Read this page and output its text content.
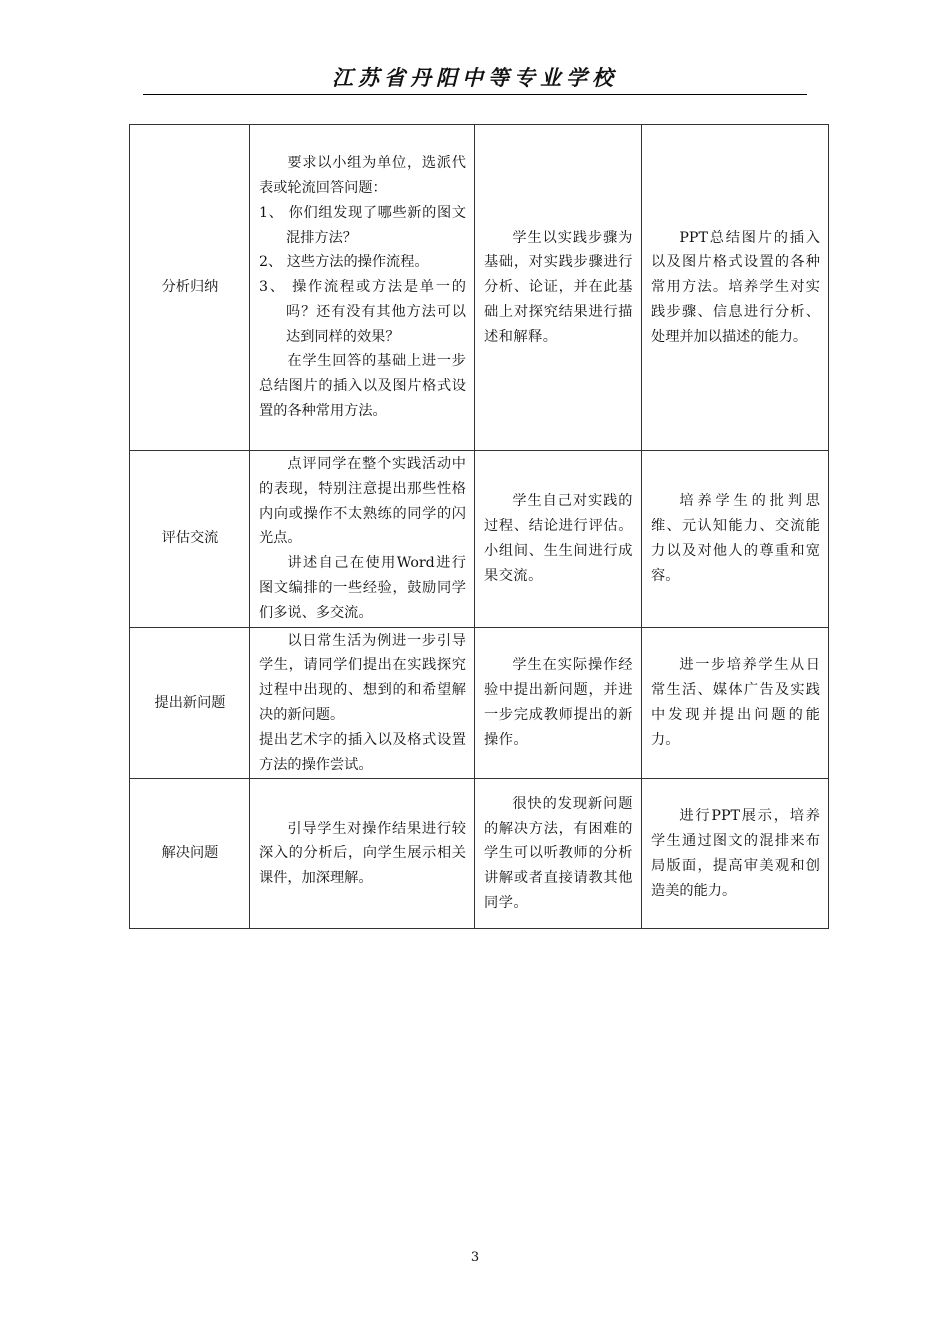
江苏省丹阳中等专业学校
分析归纳	要求以小组为单位，选派代表或轮流回答问题：

1、 你们组发现了哪些新的图文混排方法？

2、 这些方法的操作流程。

3、 操作流程或方法是单一的吗？还有没有其他方法可以达到同样的效果？

在学生回答的基础上进一步总结图片的插入以及图片格式设置的各种常用方法。	学生以实践步骤为基础，对实践步骤进行分析、论证，并在此基础上对探究结果进行描述和解释。	PPT总结图片的插入以及图片格式设置的各种常用方法。培养学生对实践步骤、信息进行分析、处理并加以描述的能力。

评估交流	点评同学在整个实践活动中的表现，特别注意提出那些性格内向或操作不太熟练的同学的闪光点。

讲述自己在使用Word进行图文编排的一些经验，鼓励同学们多说、多交流。	学生自己对实践的过程、结论进行评估。小组间、生生间进行成果交流。	培养学生的批判思维、元认知能力、交流能力以及对他人的尊重和宽容。

提出新问题	以日常生活为例进一步引导学生，请同学们提出在实践探究过程中出现的、想到的和希望解决的新问题。

提出艺术字的插入以及格式设置方法的操作尝试。	学生在实际操作经验中提出新问题，并进一步完成教师提出的新操作。	进一步培养学生从日常生活、媒体广告及实践中发现并提出问题的能力。

解决问题	引导学生对操作结果进行较深入的分析后，向学生展示相关课件，加深理解。	很快的发现新问题的解决方法，有困难的学生可以听教师的分析讲解或者直接请教其他同学。	进行PPT展示，培养学生通过图文的混排来布局版面，提高审美观和创造美的能力。

3
